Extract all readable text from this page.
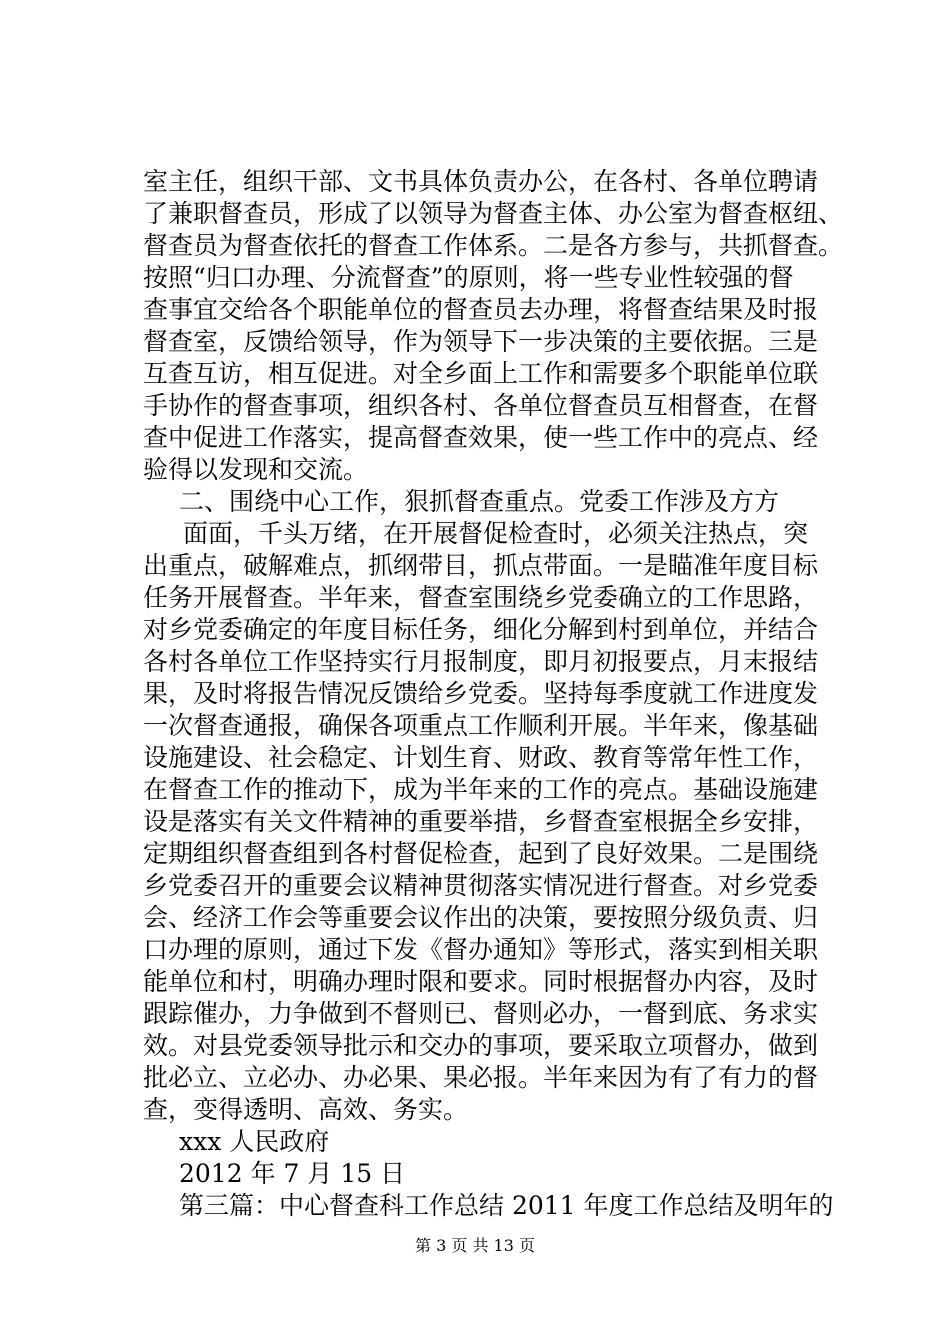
室主任，组织干部、文书具体负责办公，在各村、各单位聘请
了兼职督查员，形成了以领导为督查主体、办公室为督查枢纽、
督查员为督查依托的督查工作体系。二是各方参与，共抓督查。
按照“归口办理、分流督查”的原则，将一些专业性较强的督
查事宜交给各个职能单位的督查员去办理，将督查结果及时报
督查室，反馈给领导，作为领导下一步决策的主要依据。三是
互查互访，相互促进。对全乡面上工作和需要多个职能单位联
手协作的督查事项，组织各村、各单位督查员互相督查，在督
查中促进工作落实，提高督查效果，使一些工作中的亮点、经
验得以发现和交流。
二、围绕中心工作，狠抓督查重点。党委工作涉及方方
面面，千头万绪，在开展督促检查时，必须关注热点，突
出重点，破解难点，抓纲带目，抓点带面。一是瞄准年度目标
任务开展督查。半年来，督查室围绕乡党委确立的工作思路，
对乡党委确定的年度目标任务，细化分解到村到单位，并结合
各村各单位工作坚持实行月报制度，即月初报要点，月末报结
果，及时将报告情况反馈给乡党委。坚持每季度就工作进度发
一次督查通报，确保各项重点工作顺利开展。半年来，像基础
设施建设、社会稳定、计划生育、财政、教育等常年性工作，
在督查工作的推动下，成为半年来的工作的亮点。基础设施建
设是落实有关文件精神的重要举措，乡督查室根据全乡安排，
定期组织督查组到各村督促检查，起到了良好效果。二是围绕
乡党委召开的重要会议精神贯彻落实情况进行督查。对乡党委
会、经济工作会等重要会议作出的决策，要按照分级负责、归
口办理的原则，通过下发《督办通知》等形式，落实到相关职
能单位和村，明确办理时限和要求。同时根据督办内容，及时
跟踪催办，力争做到不督则已、督则必办，一督到底、务求实
效。对县党委领导批示和交办的事项，要采取立项督办，做到
批必立、立必办、办必果、果必报。半年来因为有了有力的督
查，变得透明、高效、务实。
xxx 人民政府
2012 年 7 月 15 日
第三篇：中心督查科工作总结 2011 年度工作总结及明年的
第 3 页 共 13 页
